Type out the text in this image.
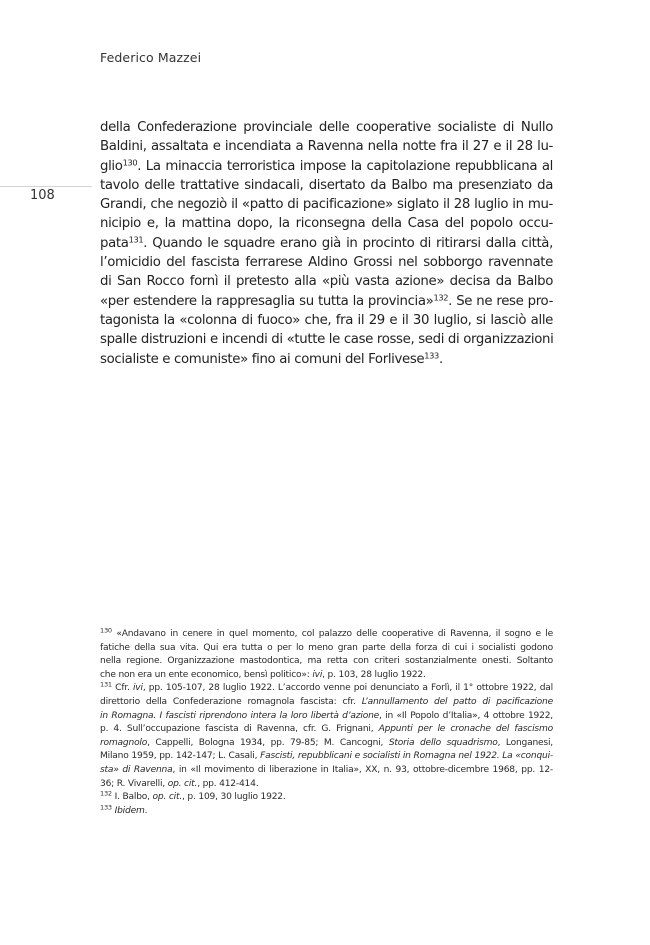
Federico Mazzei
108
della Confederazione provinciale delle cooperative socialiste di Nullo
Baldini, assaltata e incendiata a Ravenna nella notte fra il 27 e il 28 lu-
glio$^{130}$. La minaccia terroristica impose la capitolazione repubblicana al
tavolo delle trattative sindacali, disertato da Balbo ma presenziato da
Grandi, che negoziò il «patto di pacificazione» siglato il 28 luglio in mu-
nicipio e, la mattina dopo, la riconsegna della Casa del popolo occu-
pata$^{131}$. Quando le squadre erano già in procinto di ritirarsi dalla città,
l’omicidio del fascista ferrarese Aldino Grossi nel sobborgo ravennate
di San Rocco fornì il pretesto alla «più vasta azione» decisa da Balbo
«per estendere la rappresaglia su tutta la provincia»$^{132}$. Se ne rese pro-
tagonista la «colonna di fuoco» che, fra il 29 e il 30 luglio, si lasciò alle
spalle distruzioni e incendi di «tutte le case rosse, sedi di organizzazioni
socialiste e comuniste» fino ai comuni del Forlivese$^{133}$.
$^{130}$ «Andavano in cenere in quel momento, col palazzo delle cooperative di Ravenna, il sogno e le
fatiche della sua vita. Qui era tutta o per lo meno gran parte della forza di cui i socialisti godono
nella regione. Organizzazione mastodontica, ma retta con criteri sostanzialmente onesti. Soltanto
che non era un ente economico, bensì politico»: ivi, p. 103, 28 luglio 1922.
$^{131}$ Cfr. ivi, pp. 105-107, 28 luglio 1922. L’accordo venne poi denunciato a Forlì, il 1° ottobre 1922, dal
direttorio della Confederazione romagnola fascista: cfr. L’annullamento del patto di pacificazione
in Romagna. I fascisti riprendono intera la loro libertà d’azione, in «Il Popolo d’Italia», 4 ottobre 1922,
p. 4. Sull’occupazione fascista di Ravenna, cfr. G. Frignani, Appunti per le cronache del fascismo
romagnolo, Cappelli, Bologna 1934, pp. 79-85; M. Cancogni, Storia dello squadrismo, Longanesi,
Milano 1959, pp. 142-147; L. Casali, Fascisti, repubblicani e socialisti in Romagna nel 1922. La «conqui-
sta» di Ravenna, in «Il movimento di liberazione in Italia», XX, n. 93, ottobre-dicembre 1968, pp. 12-
36; R. Vivarelli, op. cit., pp. 412-414.
$^{132}$ I. Balbo, op. cit., p. 109, 30 luglio 1922.
$^{133}$ Ibidem.
